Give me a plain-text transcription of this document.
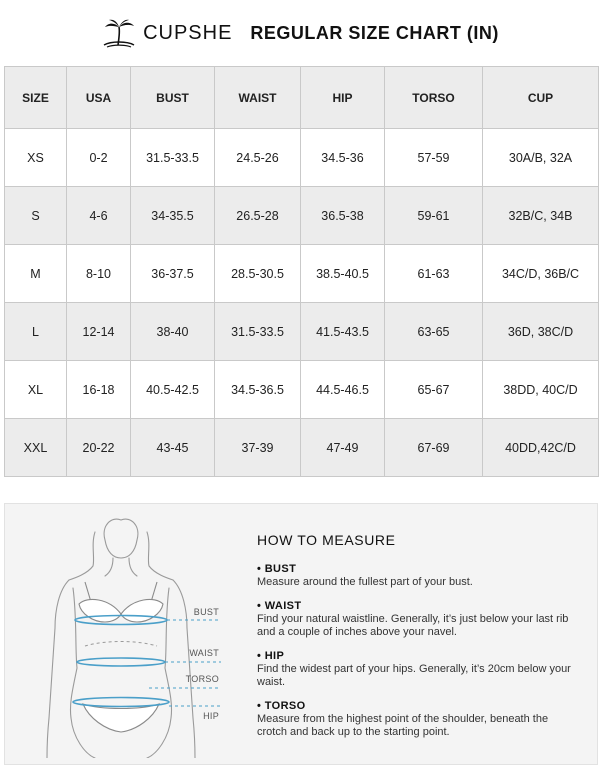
CUPSHE REGULAR SIZE CHART (IN)
SIZE	USA	BUST	WAIST	HIP	TORSO	CUP
XS	0-2	31.5-33.5	24.5-26	34.5-36	57-59	30A/B, 32A
S	4-6	34-35.5	26.5-28	36.5-38	59-61	32B/C, 34B
M	8-10	36-37.5	28.5-30.5	38.5-40.5	61-63	34C/D, 36B/C
L	12-14	38-40	31.5-33.5	41.5-43.5	63-65	36D, 38C/D
XL	16-18	40.5-42.5	34.5-36.5	44.5-46.5	65-67	38DD, 40C/D
XXL	20-22	43-45	37-39	47-49	67-69	40DD,42C/D
BUST
WAIST
TORSO
HIP
HOW TO MEASURE
• BUST
Measure around the fullest part of your bust.
• WAIST
Find your natural waistline. Generally, it’s just below your last rib and a couple of inches above your navel.
• HIP
Find the widest part of your hips. Generally, it’s 20cm below your waist.
• TORSO
Measure from the highest point of the shoulder, beneath the crotch and back up to the starting point.
